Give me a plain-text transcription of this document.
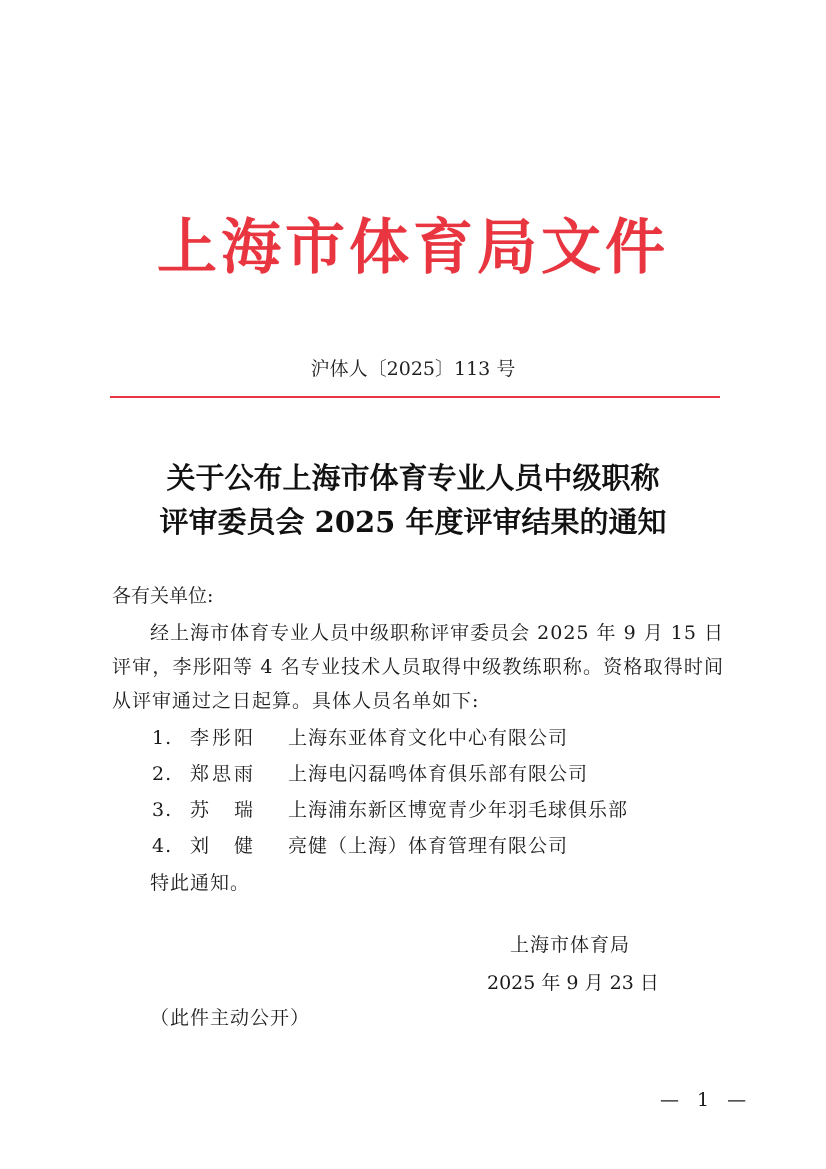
上海市体育局文件
沪体人〔2025〕113 号
关于公布上海市体育专业人员中级职称
评审委员会 2025 年度评审结果的通知
各有关单位:
经上海市体育专业人员中级职称评审委员会 2025 年 9 月 15 日评审，李彤阳等 4 名专业技术人员取得中级教练职称。资格取得时间从评审通过之日起算。具体人员名单如下:
1. 李彤阳	上海东亚体育文化中心有限公司
2. 郑思雨	上海电闪磊鸣体育俱乐部有限公司
3. 苏　瑞	上海浦东新区博宽青少年羽毛球俱乐部
4. 刘　健	亮健（上海）体育管理有限公司
特此通知。
上海市体育局
2025 年 9 月 23 日
（此件主动公开）
— 1 —
